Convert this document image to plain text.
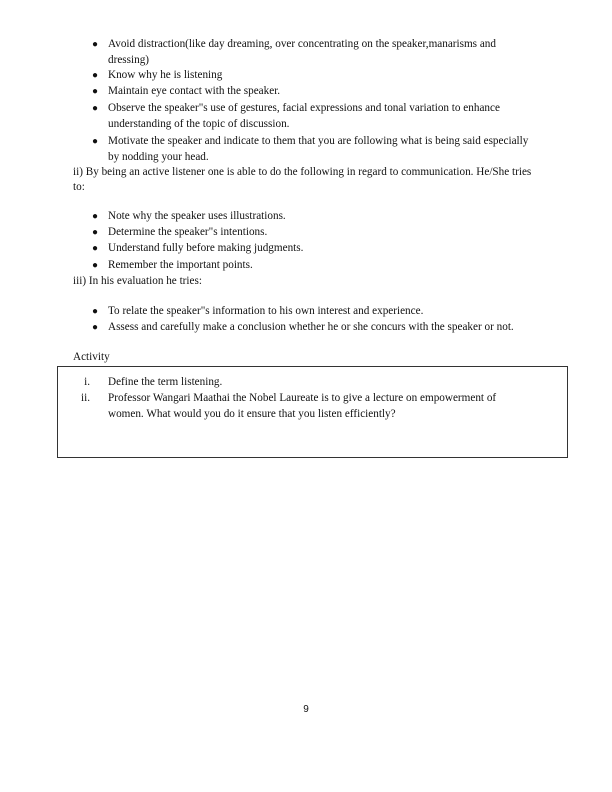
● Avoid distraction(like day dreaming, over concentrating on the speaker,manarisms and dressing)
● Know why he is listening
● Maintain eye contact with the speaker.
● Observe the speaker"s use of gestures, facial expressions and tonal variation to enhance understanding of the topic of discussion.
● Motivate the speaker and indicate to them that you are following what is being said especially by nodding your head.
ii) By being an active listener one is able to do the following in regard to communication. He/She tries to:
● Note why the speaker uses illustrations.
● Determine the speaker"s intentions.
● Understand fully before making judgments.
● Remember the important points.
iii) In his evaluation he tries:
● To relate the speaker"s information to his own interest and experience.
● Assess and carefully make a conclusion whether he or she concurs with the speaker or not.
Activity
i. Define the term listening.
ii. Professor Wangari Maathai the Nobel Laureate is to give a lecture on empowerment of women. What would you do it ensure that you listen efficiently?
9
